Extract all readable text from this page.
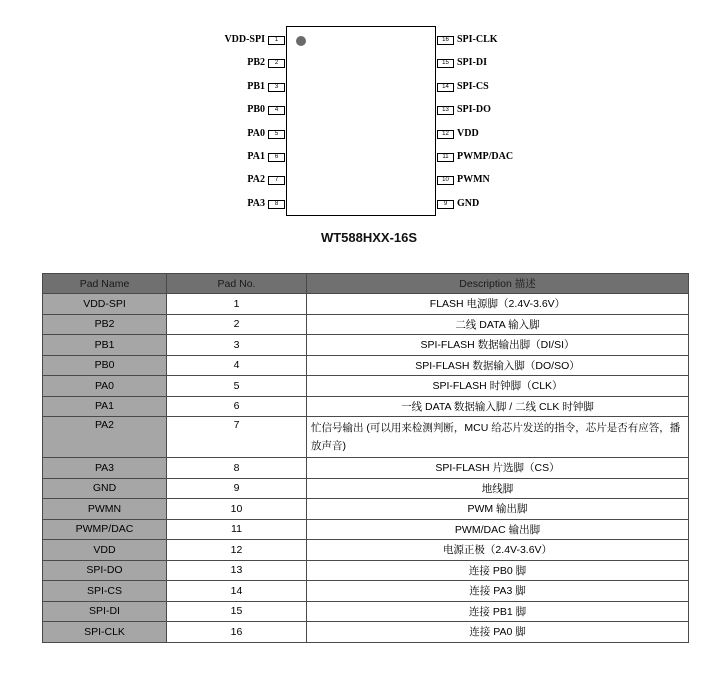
1
VDD-SPI
2
PB2
3
PB1
4
PB0
5
PA0
6
PA1
7
PA2
8
PA3
16 SPI-CLK
15 SPI-DI
14 SPI-CS
13 SPI-DO
12 VDD
11 PWMP/DAC
10 PWMN
9 GND
WT588HXX-16S
Pad Name	Pad No.	Description 描述
VDD-SPI	1	FLASH 电源脚（2.4V-3.6V）
PB2	2	二线 DATA 输入脚
PB1	3	SPI-FLASH 数据输出脚（DI/SI）
PB0	4	SPI-FLASH 数据输入脚（DO/SO）
PA0	5	SPI-FLASH 时钟脚（CLK）
PA1	6	一线 DATA 数据输入脚 / 二线 CLK 时钟脚
PA2	7	忙信号输出 (可以用来检测判断，MCU 给芯片发送的指令，芯片是否有应答，播放声音)
PA3	8	SPI-FLASH 片选脚（CS）
GND	9	地线脚
PWMN	10	PWM 输出脚
PWMP/DAC	11	PWM/DAC 输出脚
VDD	12	电源正极（2.4V-3.6V）
SPI-DO	13	连接 PB0 脚
SPI-CS	14	连接 PA3 脚
SPI-DI	15	连接 PB1 脚
SPI-CLK	16	连接 PA0 脚
